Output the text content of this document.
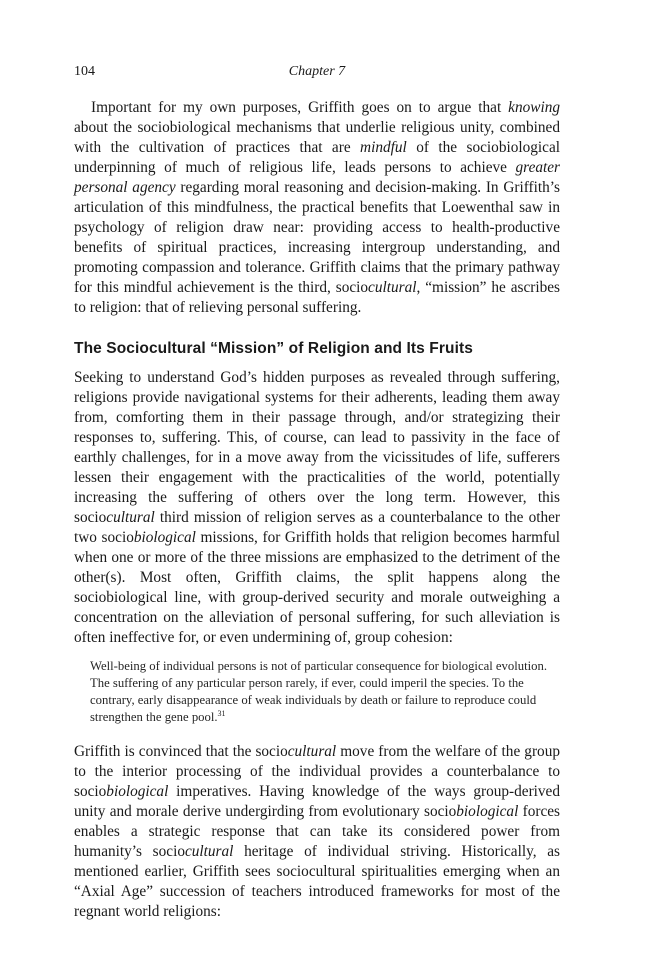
104	Chapter 7

Important for my own purposes, Griffith goes on to argue that knowing about the sociobiological mechanisms that underlie religious unity, combined with the cultivation of practices that are mindful of the sociobiological underpinning of much of religious life, leads persons to achieve greater personal agency regarding moral reasoning and decision-making. In Griffith’s articulation of this mindfulness, the practical benefits that Loewenthal saw in psychology of religion draw near: providing access to health-productive benefits of spiritual practices, increasing intergroup understanding, and promoting compassion and tolerance. Griffith claims that the primary pathway for this mindful achievement is the third, sociocultural, “mission” he ascribes to religion: that of relieving personal suffering.

The Sociocultural “Mission” of Religion and Its Fruits

Seeking to understand God’s hidden purposes as revealed through suffering, religions provide navigational systems for their adherents, leading them away from, comforting them in their passage through, and/or strategizing their responses to, suffering. This, of course, can lead to passivity in the face of earthly challenges, for in a move away from the vicissitudes of life, sufferers lessen their engagement with the practicalities of the world, potentially increasing the suffering of others over the long term. However, this sociocultural third mission of religion serves as a counterbalance to the other two sociobiological missions, for Griffith holds that religion becomes harmful when one or more of the three missions are emphasized to the detriment of the other(s). Most often, Griffith claims, the split happens along the sociobiological line, with group-derived security and morale outweighing a concentration on the alleviation of personal suffering, for such alleviation is often ineffective for, or even undermining of, group cohesion:

Well-being of individual persons is not of particular consequence for biological evolution. The suffering of any particular person rarely, if ever, could imperil the species. To the contrary, early disappearance of weak individuals by death or failure to reproduce could strengthen the gene pool.$^{31}$

Griffith is convinced that the sociocultural move from the welfare of the group to the interior processing of the individual provides a counterbalance to sociobiological imperatives. Having knowledge of the ways group-derived unity and morale derive undergirding from evolutionary sociobiological forces enables a strategic response that can take its considered power from humanity’s sociocultural heritage of individual striving. Historically, as mentioned earlier, Griffith sees sociocultural spiritualities emerging when an “Axial Age” succession of teachers introduced frameworks for most of the regnant world religions:
